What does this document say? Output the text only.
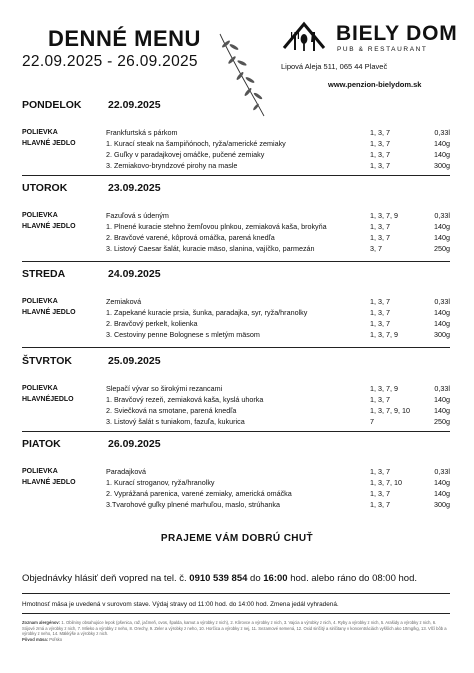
DENNÉ MENU
22.09.2025 - 26.09.2025
BIELY DOM
PUB & RESTAURANT
Lipová Aleja 511, 065 44 Plaveč
www.penzion-bielydom.sk
PONDELOK	22.09.2025
POLIEVKA	Frankfurtská s párkom	1, 3, 7	0,33l
HLAVNÉ JEDLO	1. Kurací steak na šampiňónoch, ryža/americké zemiaky	1, 3, 7	140g
2. Guľky v paradajkovej omáčke, pučené zemiaky	1, 3, 7	140g
3. Zemiakovo-bryndzové pirohy na masle	1, 3, 7	300g
UTOROK	23.09.2025
POLIEVKA	Fazuľová s údeným	1, 3, 7, 9	0,33l
HLAVNÉ JEDLO	1. Plnené kuracie stehno žemľovou plnkou, zemiaková kaša, brokyňa	1, 3, 7	140g
2. Bravčové varené, kôprová omáčka, parená knedľa	1, 3, 7	140g
3. Listový Caesar šalát, kuracie mäso, slanina, vajíčko, parmezán	3, 7	250g
STREDA	24.09.2025
POLIEVKA	Zemiaková	1, 3, 7	0,33l
HLAVNÉ JEDLO	1. Zapekané kuracie prsia, šunka, paradajka, syr, ryža/hranolky	1, 3, 7	140g
2. Bravčový perkelt, kolienka	1, 3, 7	140g
3. Cestoviny penne Bolognese s mletým mäsom	1, 3, 7, 9	300g
ŠTVRTOK	25.09.2025
POLIEVKA	Slepačí vývar so širokými rezancami	1, 3, 7, 9	0,33l
HLAVNÉJEDLO	1. Bravčový rezeň, zemiaková kaša, kyslá uhorka	1, 3, 7	140g
2. Sviečková na smotane, parená knedľa	1, 3, 7, 9, 10	140g
3. Listový šalát s tuniakom, fazuľa, kukurica	7	250g
PIATOK	26.09.2025
POLIEVKA	Paradajková	1, 3, 7	0,33l
HLAVNÉ JEDLO	1. Kurací stroganov, ryža/hranolky	1, 3, 7, 10	140g
2. Vyprážaná parenica, varené zemiaky, americká omáčka	1, 3, 7	140g
3.Tvarohové guľky plnené marhuľou, maslo, strúhanka	1, 3, 7	300g
PRAJEME VÁM DOBRÚ CHUŤ
Objednávky hlásiť deň vopred na tel. č. 0910 539 854 do 16:00 hod. alebo ráno do 08:00 hod.
Hmotnosť mäsa je uvedená v surovom stave. Výdaj stravy od 11:00 hod. do 14:00 hod. Zmena jedál vyhradená.
Zoznam alergénov: 1. Obilniny obsahujúce lepok (pšenica, raž, jačmeň, ovos, špalda, kamut a výrobky z nich), 2. Kôrovce a výrobky z nich, 3. Vajcia a výrobky z nich, 4. Ryby a výrobky z nich, 5. Arašidy a výrobky z nich, 6. Sójové zrná a výrobky z nich, 7. Mlieko a výrobky z neho, 8. Orechy, 9. Zeler a výrobky z neho, 10. Horčica a výrobky z nej, 11. Sezamové semená, 12. Oxid siričitý a siričitany v koncentráciách vyšších ako 10mg/kg, 13. Vlčí bôb a výrobky z neho, 14. Mäkkýše a výrobky z nich.
Pôvod mäsa: Poľsko
